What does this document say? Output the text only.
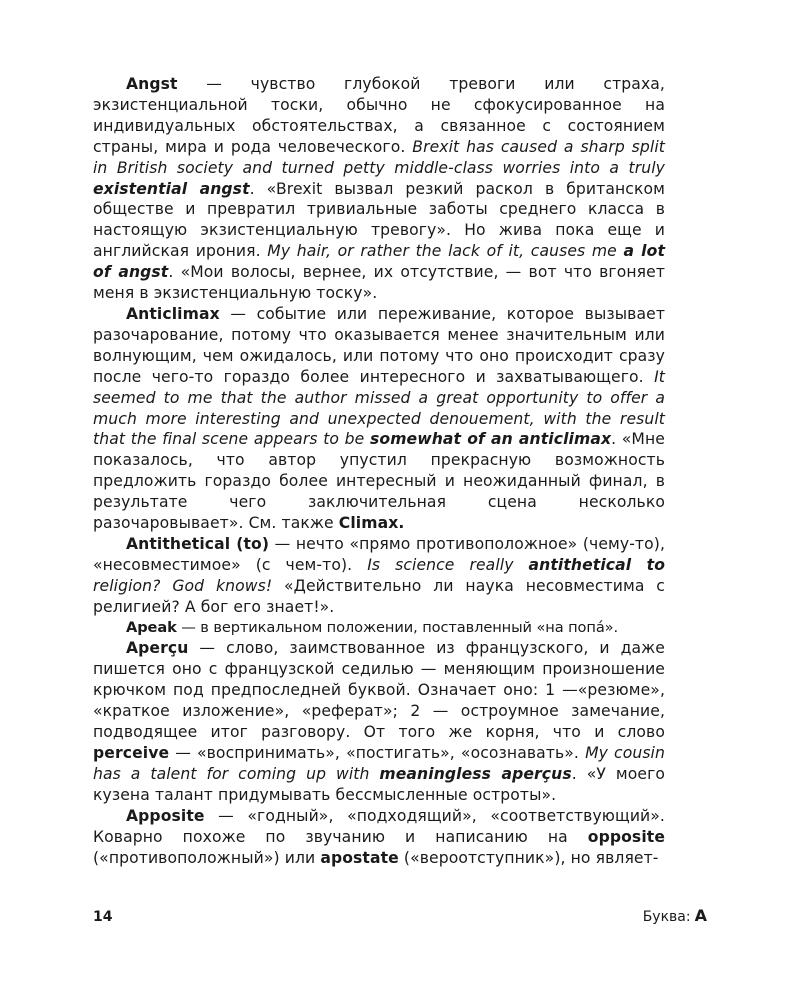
Angst — чувство глубокой тревоги или страха, экзистенциальной тоски, обычно не сфокусированное на индивидуальных обстоятельствах, а связанное с состоянием страны, мира и рода человеческого. Brexit has caused a sharp split in British society and turned petty middle-class worries into a truly existential angst. «Brexit вызвал резкий раскол в британском обществе и превратил тривиальные заботы среднего класса в настоящую экзистенциальную тревогу». Но жива пока еще и английская ирония. My hair, or rather the lack of it, causes me a lot of angst. «Мои волосы, вернее, их отсутствие, — вот что вгоняет меня в экзистенциальную тоску».

Anticlimax — событие или переживание, которое вызывает разочарование, потому что оказывается менее значительным или волнующим, чем ожидалось, или потому что оно происходит сразу после чего-то гораздо более интересного и захватывающего. It seemed to me that the author missed a great opportunity to offer a much more interesting and unexpected denouement, with the result that the final scene appears to be somewhat of an anticlimax. «Мне показалось, что автор упустил прекрасную возможность предложить гораздо более интересный и неожиданный финал, в результате чего заключительная сцена несколько разочаровывает». См. также Climax.

Antithetical (to) — нечто «прямо противоположное» (чему-то), «несовместимое» (с чем-то). Is science really antithetical to religion? God knows! «Действительно ли наука несовместима с религией? А бог его знает!».

Apeak — в вертикальном положении, поставленный «на попа́».

Aperçu — слово, заимствованное из французского, и даже пишется оно с французской седилью — меняющим произношение крючком под предпоследней буквой. Означает оно: 1 —«резюме», «краткое изложение», «реферат»; 2 — остроумное замечание, подводящее итог разговору. От того же корня, что и слово perceive — «воспринимать», «постигать», «осознавать». My cousin has a talent for coming up with meaningless aperçus. «У моего кузена талант придумывать бессмысленные остроты».

Apposite — «годный», «подходящий», «соответствующий». Коварно похоже по звучанию и написанию на opposite («противоположный») или apostate («вероотступник»), но являет-

14	Буква: A
